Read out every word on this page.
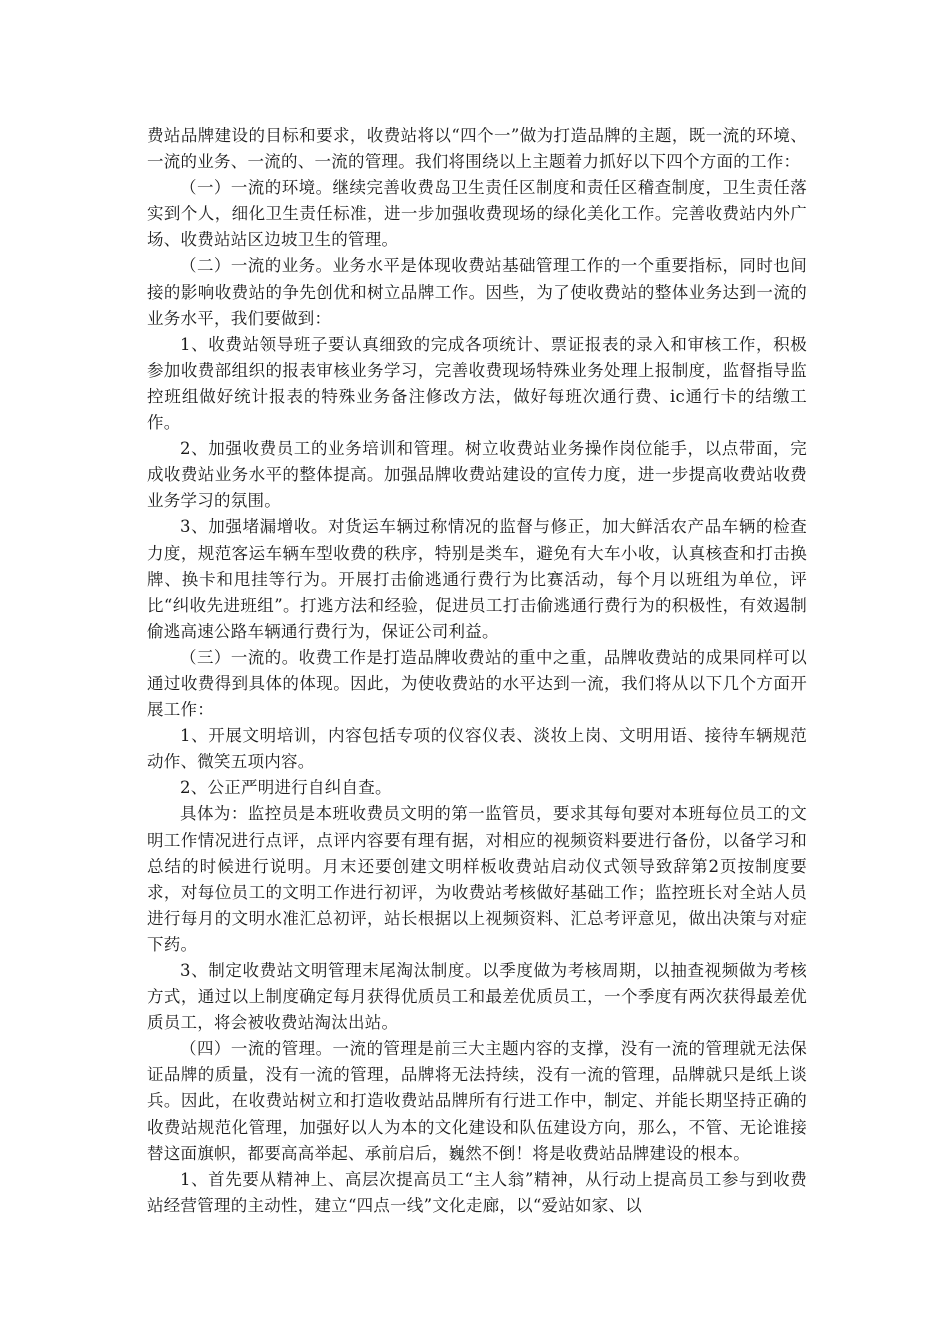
费站品牌建设的目标和要求，收费站将以“四个一”做为打造品牌的主题，既一流的环境、一流的业务、一流的、一流的管理。我们将围绕以上主题着力抓好以下四个方面的工作：

（一）一流的环境。继续完善收费岛卫生责任区制度和责任区稽查制度，卫生责任落实到个人，细化卫生责任标准，进一步加强收费现场的绿化美化工作。完善收费站内外广场、收费站站区边坡卫生的管理。

（二）一流的业务。业务水平是体现收费站基础管理工作的一个重要指标，同时也间接的影响收费站的争先创优和树立品牌工作。因些，为了使收费站的整体业务达到一流的业务水平，我们要做到：

1、收费站领导班子要认真细致的完成各项统计、票证报表的录入和审核工作，积极参加收费部组织的报表审核业务学习，完善收费现场特殊业务处理上报制度，监督指导监控班组做好统计报表的特殊业务备注修改方法，做好每班次通行费、ic通行卡的结缴工作。

2、加强收费员工的业务培训和管理。树立收费站业务操作岗位能手，以点带面，完成收费站业务水平的整体提高。加强品牌收费站建设的宣传力度，进一步提高收费站收费业务学习的氛围。

3、加强堵漏增收。对货运车辆过称情况的监督与修正，加大鲜活农产品车辆的检查力度，规范客运车辆车型收费的秩序，特别是类车，避免有大车小收，认真核查和打击换牌、换卡和甩挂等行为。开展打击偷逃通行费行为比赛活动，每个月以班组为单位，评比“纠收先进班组”。打逃方法和经验，促进员工打击偷逃通行费行为的积极性，有效遏制偷逃高速公路车辆通行费行为，保证公司利益。

（三）一流的。收费工作是打造品牌收费站的重中之重，品牌收费站的成果同样可以通过收费得到具体的体现。因此，为使收费站的水平达到一流，我们将从以下几个方面开展工作：

1、开展文明培训，内容包括专项的仪容仪表、淡妆上岗、文明用语、接待车辆规范动作、微笑五项内容。

2、公正严明进行自纠自查。

具体为：监控员是本班收费员文明的第一监管员，要求其每旬要对本班每位员工的文明工作情况进行点评，点评内容要有理有据，对相应的视频资料要进行备份，以备学习和总结的时候进行说明。月末还要创建文明样板收费站启动仪式领导致辞第2页按制度要求，对每位员工的文明工作进行初评，为收费站考核做好基础工作；监控班长对全站人员进行每月的文明水准汇总初评，站长根据以上视频资料、汇总考评意见，做出决策与对症下药。

3、制定收费站文明管理末尾淘汰制度。以季度做为考核周期，以抽查视频做为考核方式，通过以上制度确定每月获得优质员工和最差优质员工，一个季度有两次获得最差优质员工，将会被收费站淘汰出站。

（四）一流的管理。一流的管理是前三大主题内容的支撑，没有一流的管理就无法保证品牌的质量，没有一流的管理，品牌将无法持续，没有一流的管理，品牌就只是纸上谈兵。因此，在收费站树立和打造收费站品牌所有行进工作中，制定、并能长期坚持正确的收费站规范化管理，加强好以人为本的文化建设和队伍建设方向，那么，不管、无论谁接替这面旗帜，都要高高举起、承前启后，巍然不倒！将是收费站品牌建设的根本。

1、首先要从精神上、高层次提高员工“主人翁”精神，从行动上提高员工参与到收费站经营管理的主动性，建立“四点一线”文化走廊，以“爱站如家、以
